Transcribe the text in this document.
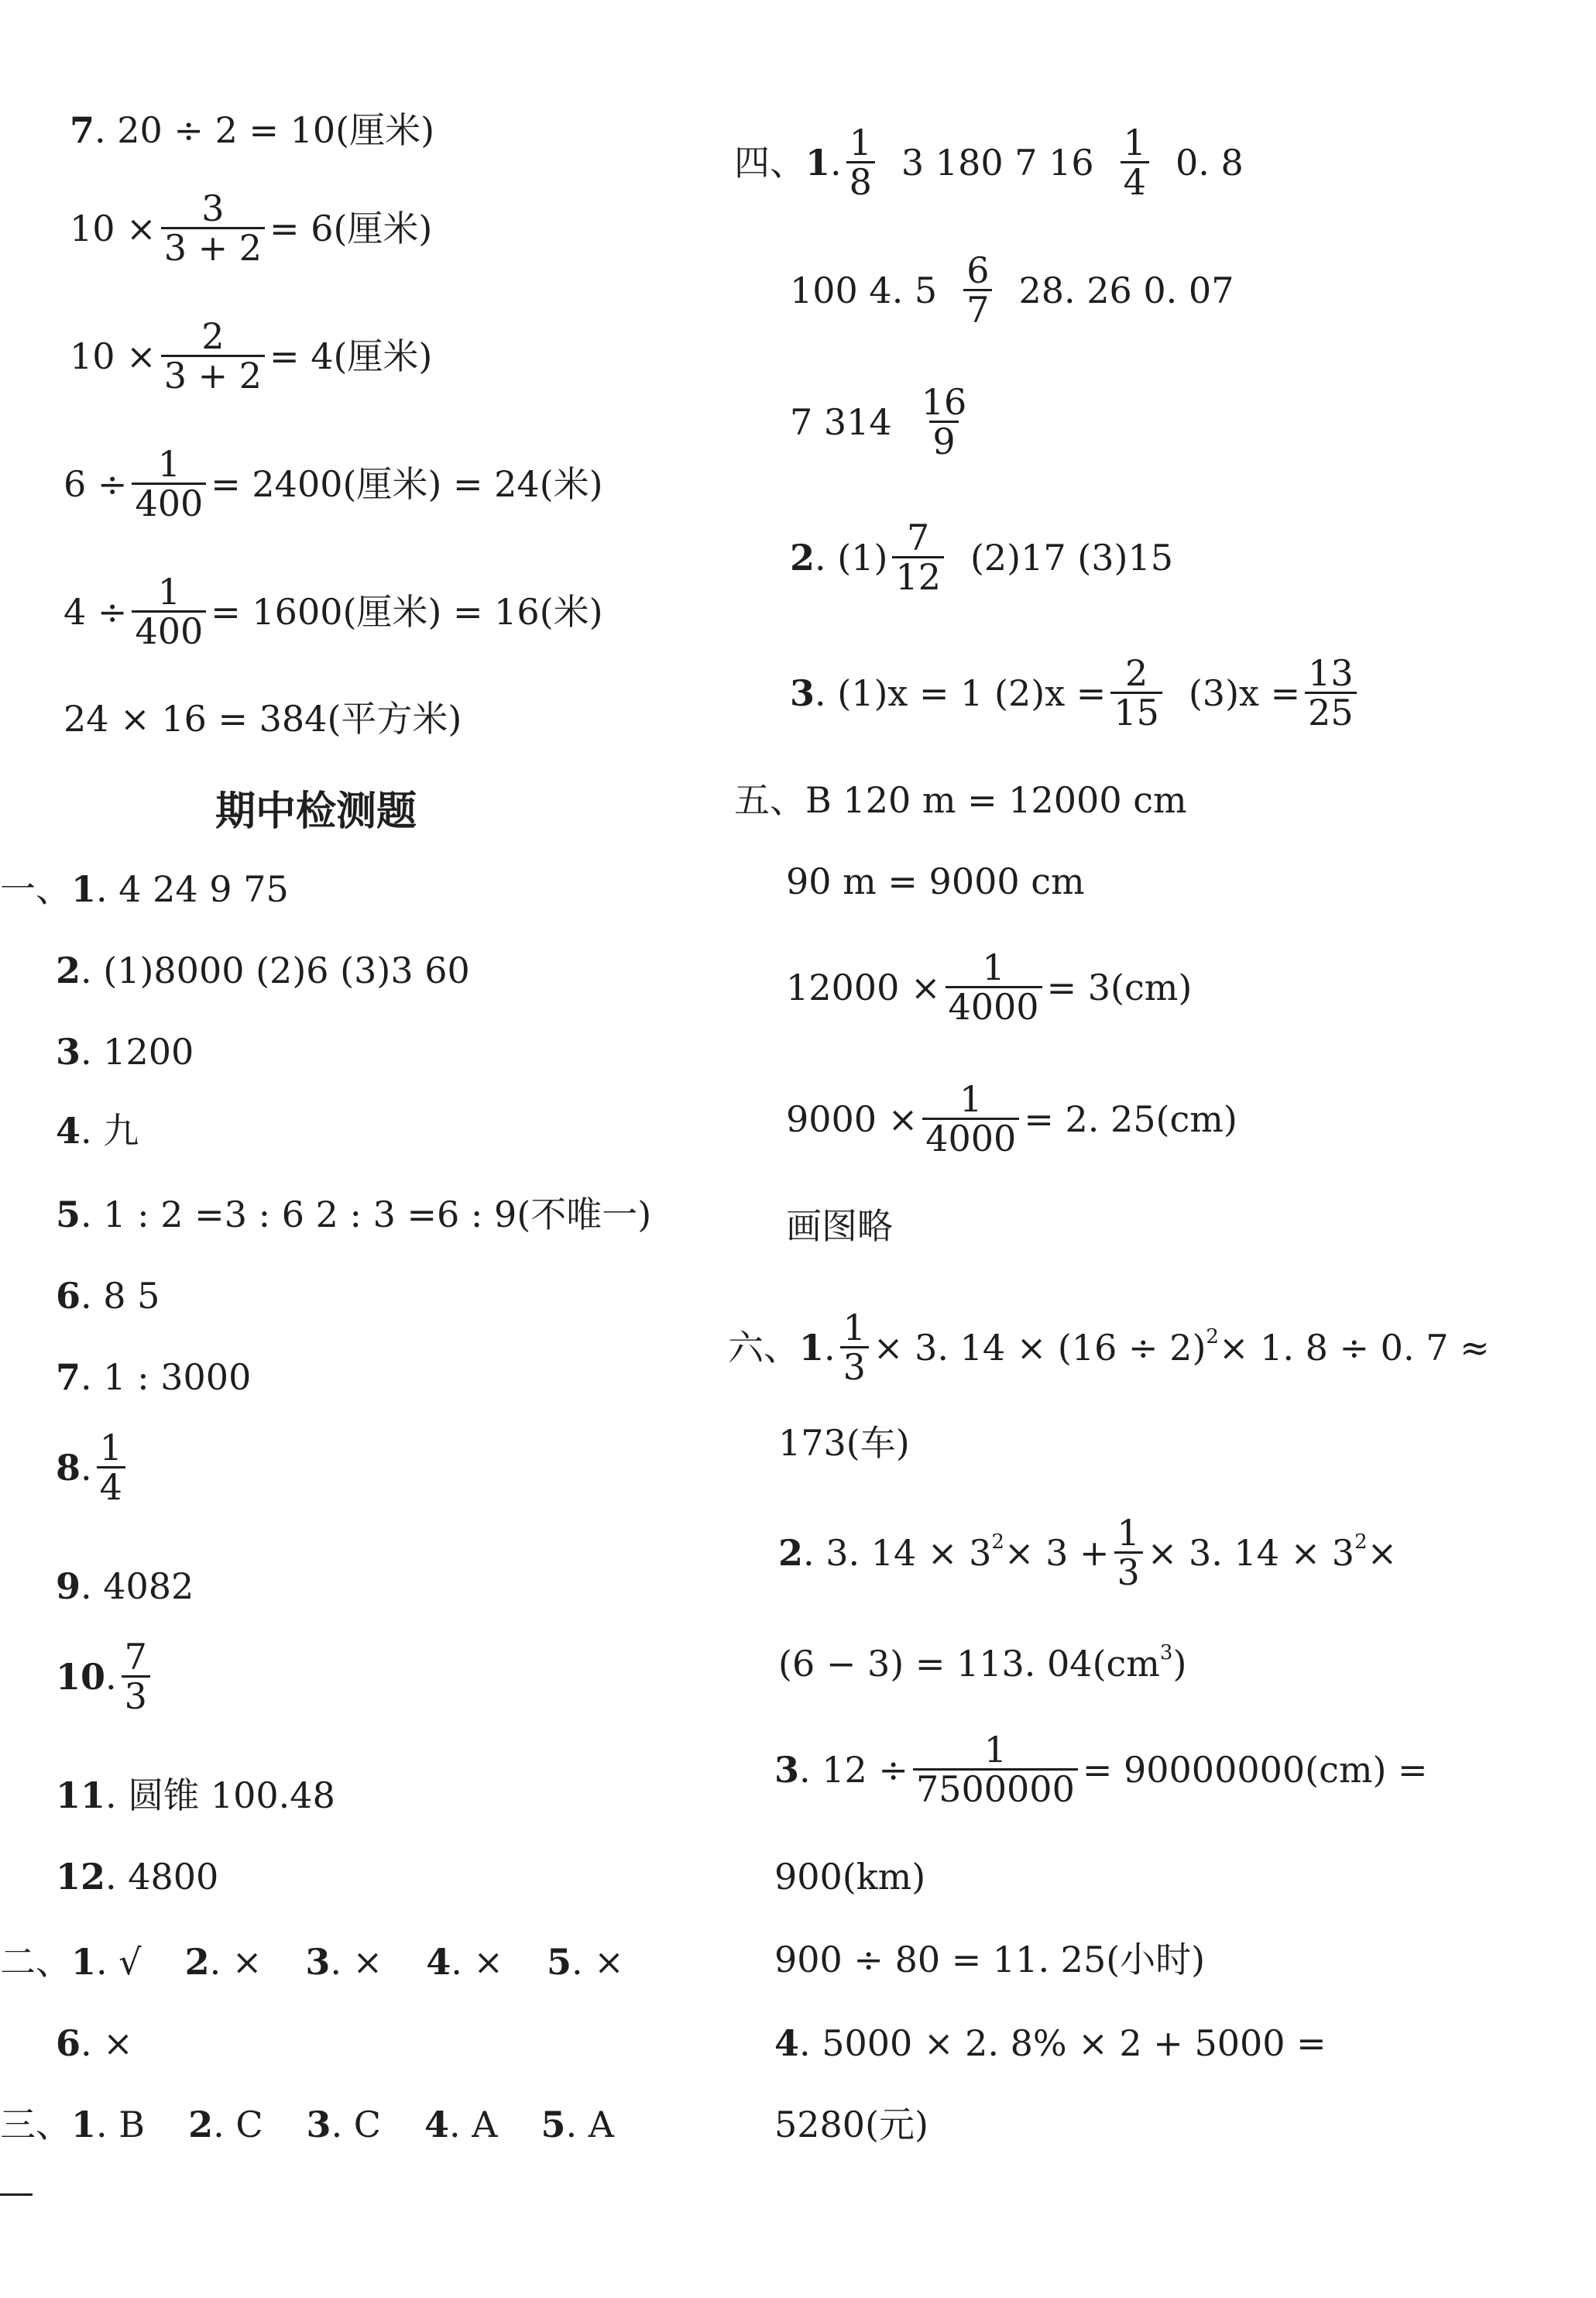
7 . 20 ÷ 2 = 10(厘米)
$10 \times \frac{3}{3 + 2} = 6$(厘米)
$10 \times \frac{2}{3 + 2} = 4$(厘米)
$6 \div \frac{1}{400} = 2400$(厘米) = 24(米)
$4 \div \frac{1}{400} = 1600$(厘米) = 16(米)
24 × 16 = 384(平方米)
期中检测题
一、 1 . 4 24 9 75
2 . (1)8000 (2)6 (3)3 60
3 . 1200
4 . 九
5 . 1 : 2 =3 : 6 2 : 3 =6 : 9(不唯一)
6 . 8 5
7 . 1 : 3000
8 . $\frac{1}{4}$
9 . 4082
10 . $\frac{7}{3}$
11 . 圆锥 100.48
12 . 4800
二、 1 . √ 2 . × 3 . × 4 . × 5 . ×
6 . ×
三、 1 . B 2 . C 3 . C 4 . A 5 . A
四、 1 . $\frac{1}{8} 3$ 180 7 $16 \frac{1}{4} 0$. 8
100 4. $5 \frac{6}{7} 28$. 26 0. 07
7 $314 \frac{16}{9}$
2 . $(1) \frac{7}{12} (2)17$ (3)15
3 . (1)x = 1 $(2)x = \frac{2}{15} (3)x = \frac{13}{25}$
五、B 120 m = 12000 cm
90 m = 9000 cm
$12000 \times \frac{1}{4000} = 3(cm)$
$9000 \times \frac{1}{4000} = 2$. 25(cm)
画图略
六、 1 . $\frac{1}{3} \times 3$. $14 \times (16 \div 2)^2 \times 1$. 8 ÷ 0. 7 ≈
173(车)
2 . 3. $14 \times 3^2 \times 3 + \frac{1}{3} \times 3$. $14 \times 3^2$ ×
(6 − 3) = 113. $04(cm^3$ )
3 . $12 \div \frac{1}{7500000} = 90000000(cm)$ =
900(km)
900 ÷ 80 = 11. 25(小时)
4 . 5000 × 2. 8% × 2 + 5000 =
5280(元)
